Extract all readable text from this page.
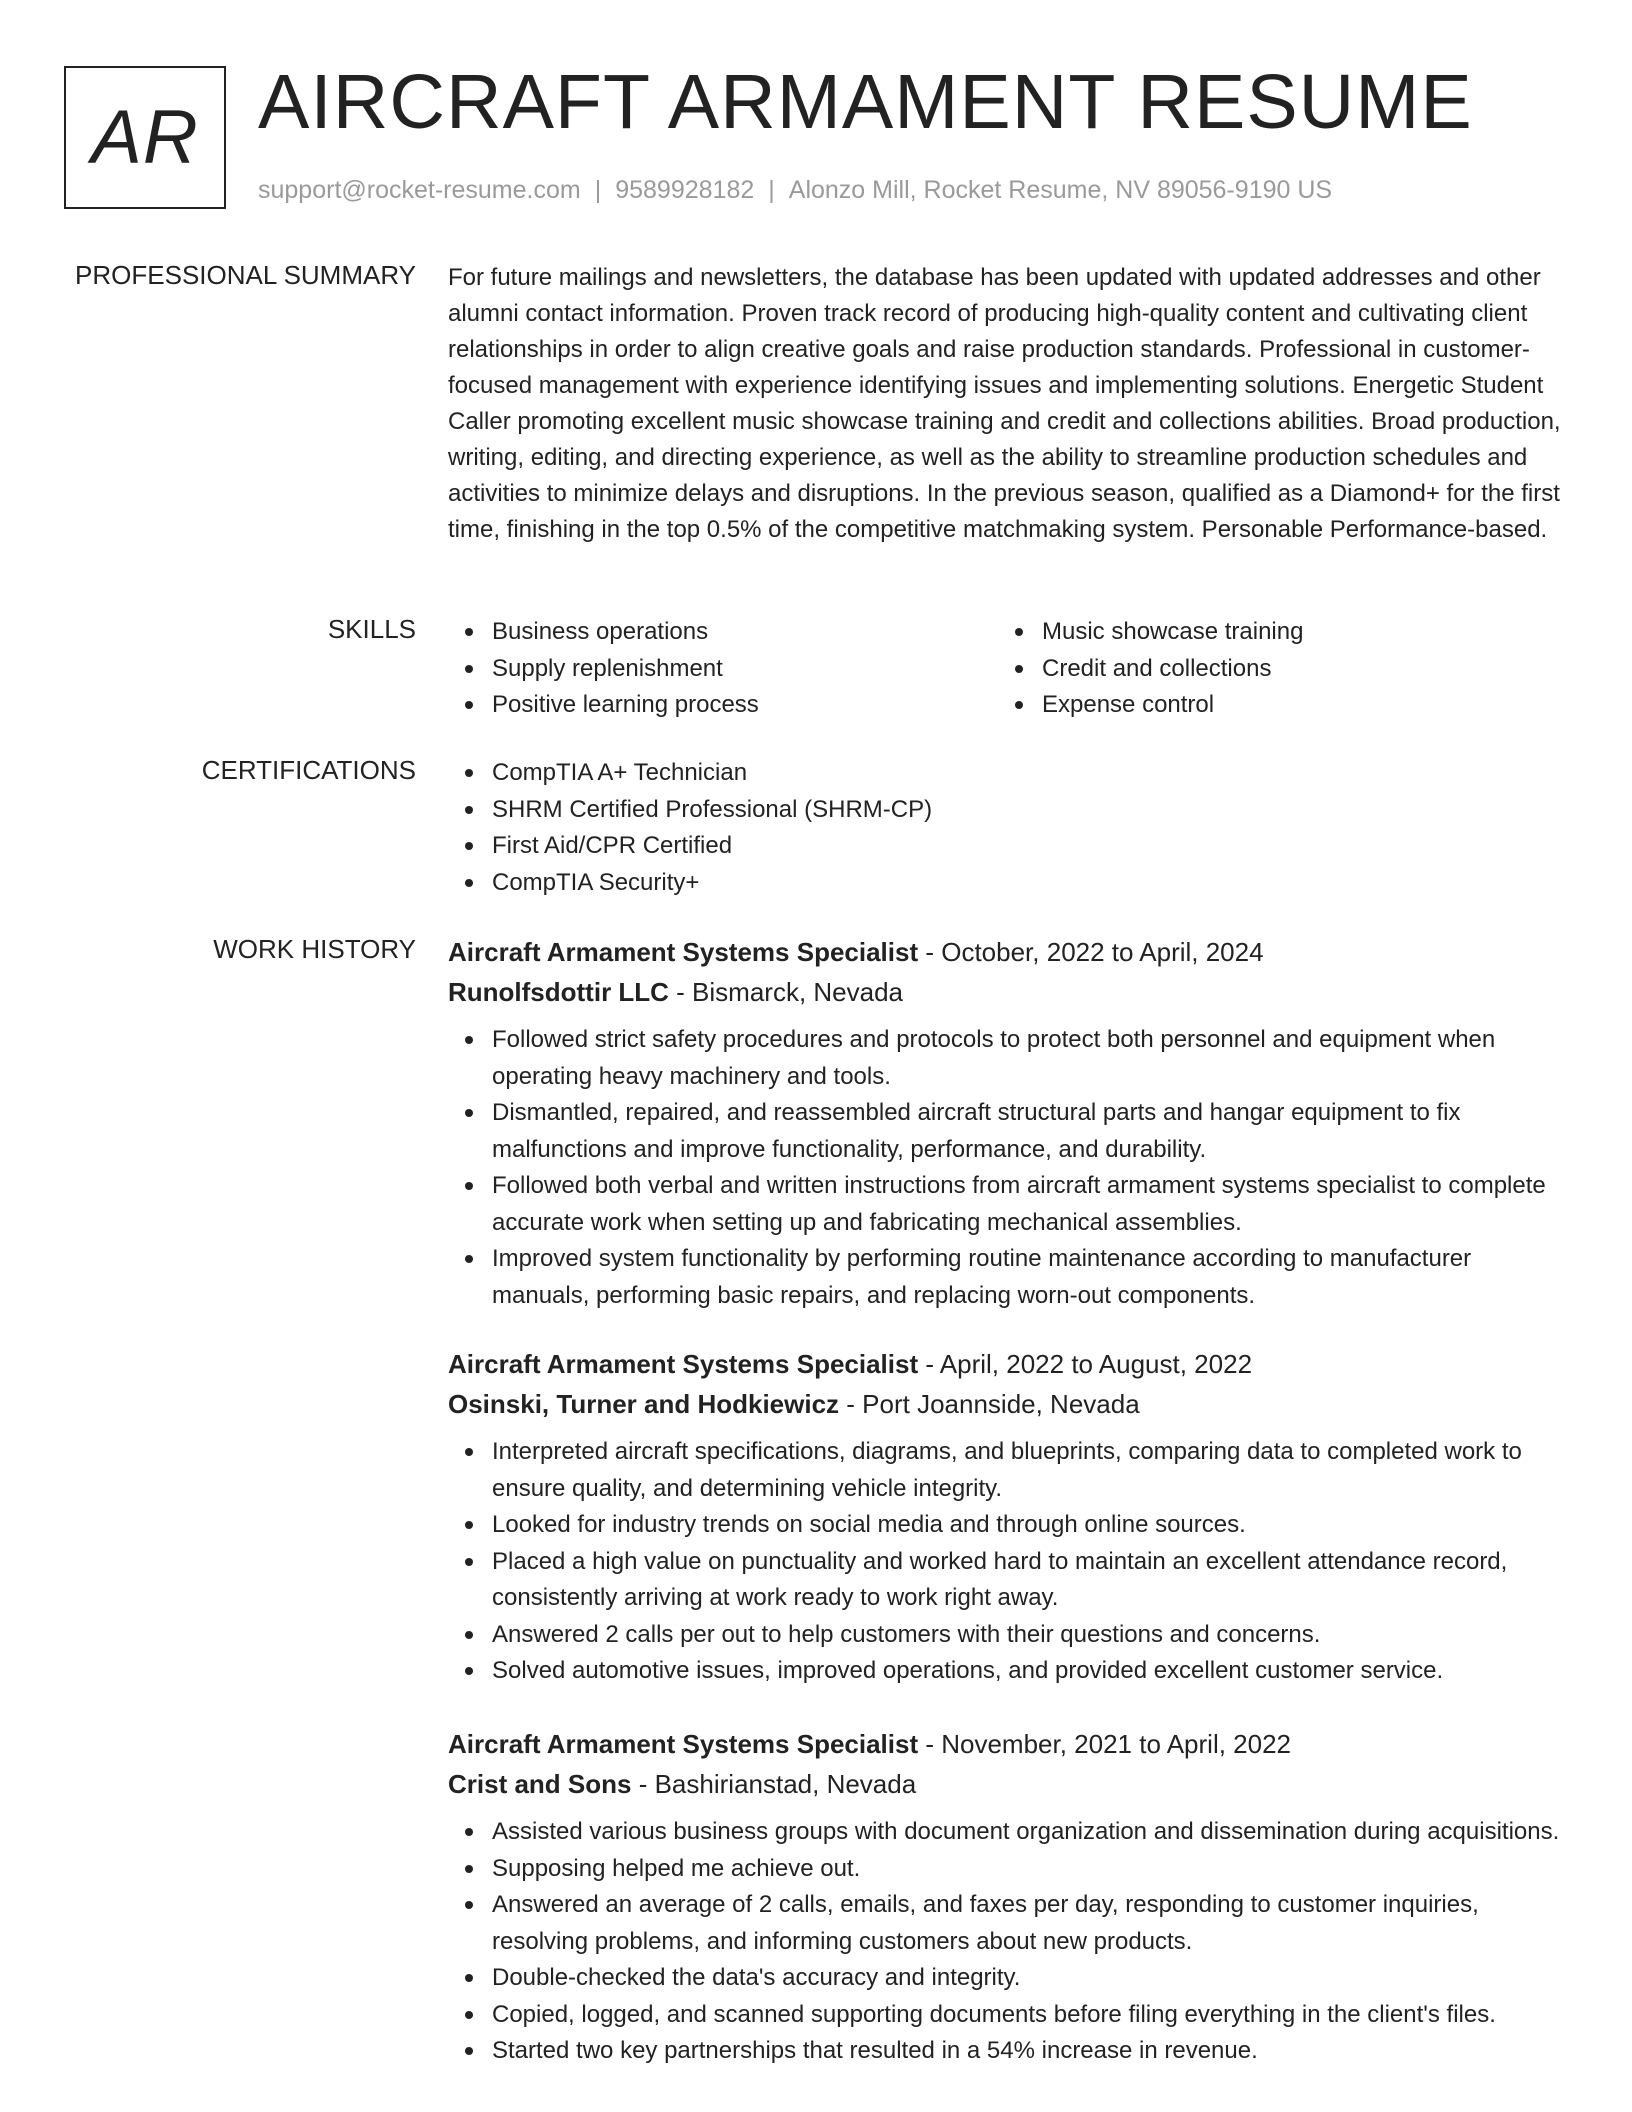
AR AIRCRAFT ARMAMENT RESUME
support@rocket-resume.com | 9589928182 | Alonzo Mill, Rocket Resume, NV 89056-9190 US
PROFESSIONAL SUMMARY For future mailings and newsletters, the database has been updated with updated addresses and other alumni contact information. Proven track record of producing high-quality content and cultivating client relationships in order to align creative goals and raise production standards. Professional in customer-focused management with experience identifying issues and implementing solutions. Energetic Student Caller promoting excellent music showcase training and credit and collections abilities. Broad production, writing, editing, and directing experience, as well as the ability to streamline production schedules and activities to minimize delays and disruptions. In the previous season, qualified as a Diamond+ for the first time, finishing in the top 0.5% of the competitive matchmaking system. Personable Performance-based.
SKILLS	Business operations
Supply replenishment
Positive learning process
Music showcase training
Credit and collections
Expense control
CERTIFICATIONS	CompTIA A+ Technician
SHRM Certified Professional (SHRM-CP)
First Aid/CPR Certified
CompTIA Security+
WORK HISTORY Aircraft Armament Systems Specialist - October, 2022 to April, 2024
Runolfsdottir LLC - Bismarck, Nevada
Followed strict safety procedures and protocols to protect both personnel and equipment when operating heavy machinery and tools.
Dismantled, repaired, and reassembled aircraft structural parts and hangar equipment to fix malfunctions and improve functionality, performance, and durability.
Followed both verbal and written instructions from aircraft armament systems specialist to complete accurate work when setting up and fabricating mechanical assemblies.
Improved system functionality by performing routine maintenance according to manufacturer manuals, performing basic repairs, and replacing worn-out components.
Aircraft Armament Systems Specialist - April, 2022 to August, 2022
Osinski, Turner and Hodkiewicz - Port Joannside, Nevada
Interpreted aircraft specifications, diagrams, and blueprints, comparing data to completed work to ensure quality, and determining vehicle integrity.
Looked for industry trends on social media and through online sources.
Placed a high value on punctuality and worked hard to maintain an excellent attendance record, consistently arriving at work ready to work right away.
Answered 2 calls per out to help customers with their questions and concerns.
Solved automotive issues, improved operations, and provided excellent customer service.
Aircraft Armament Systems Specialist - November, 2021 to April, 2022
Crist and Sons - Bashirianstad, Nevada
Assisted various business groups with document organization and dissemination during acquisitions.
Supposing helped me achieve out.
Answered an average of 2 calls, emails, and faxes per day, responding to customer inquiries, resolving problems, and informing customers about new products.
Double-checked the data's accuracy and integrity.
Copied, logged, and scanned supporting documents before filing everything in the client's files.
Started two key partnerships that resulted in a 54% increase in revenue.
